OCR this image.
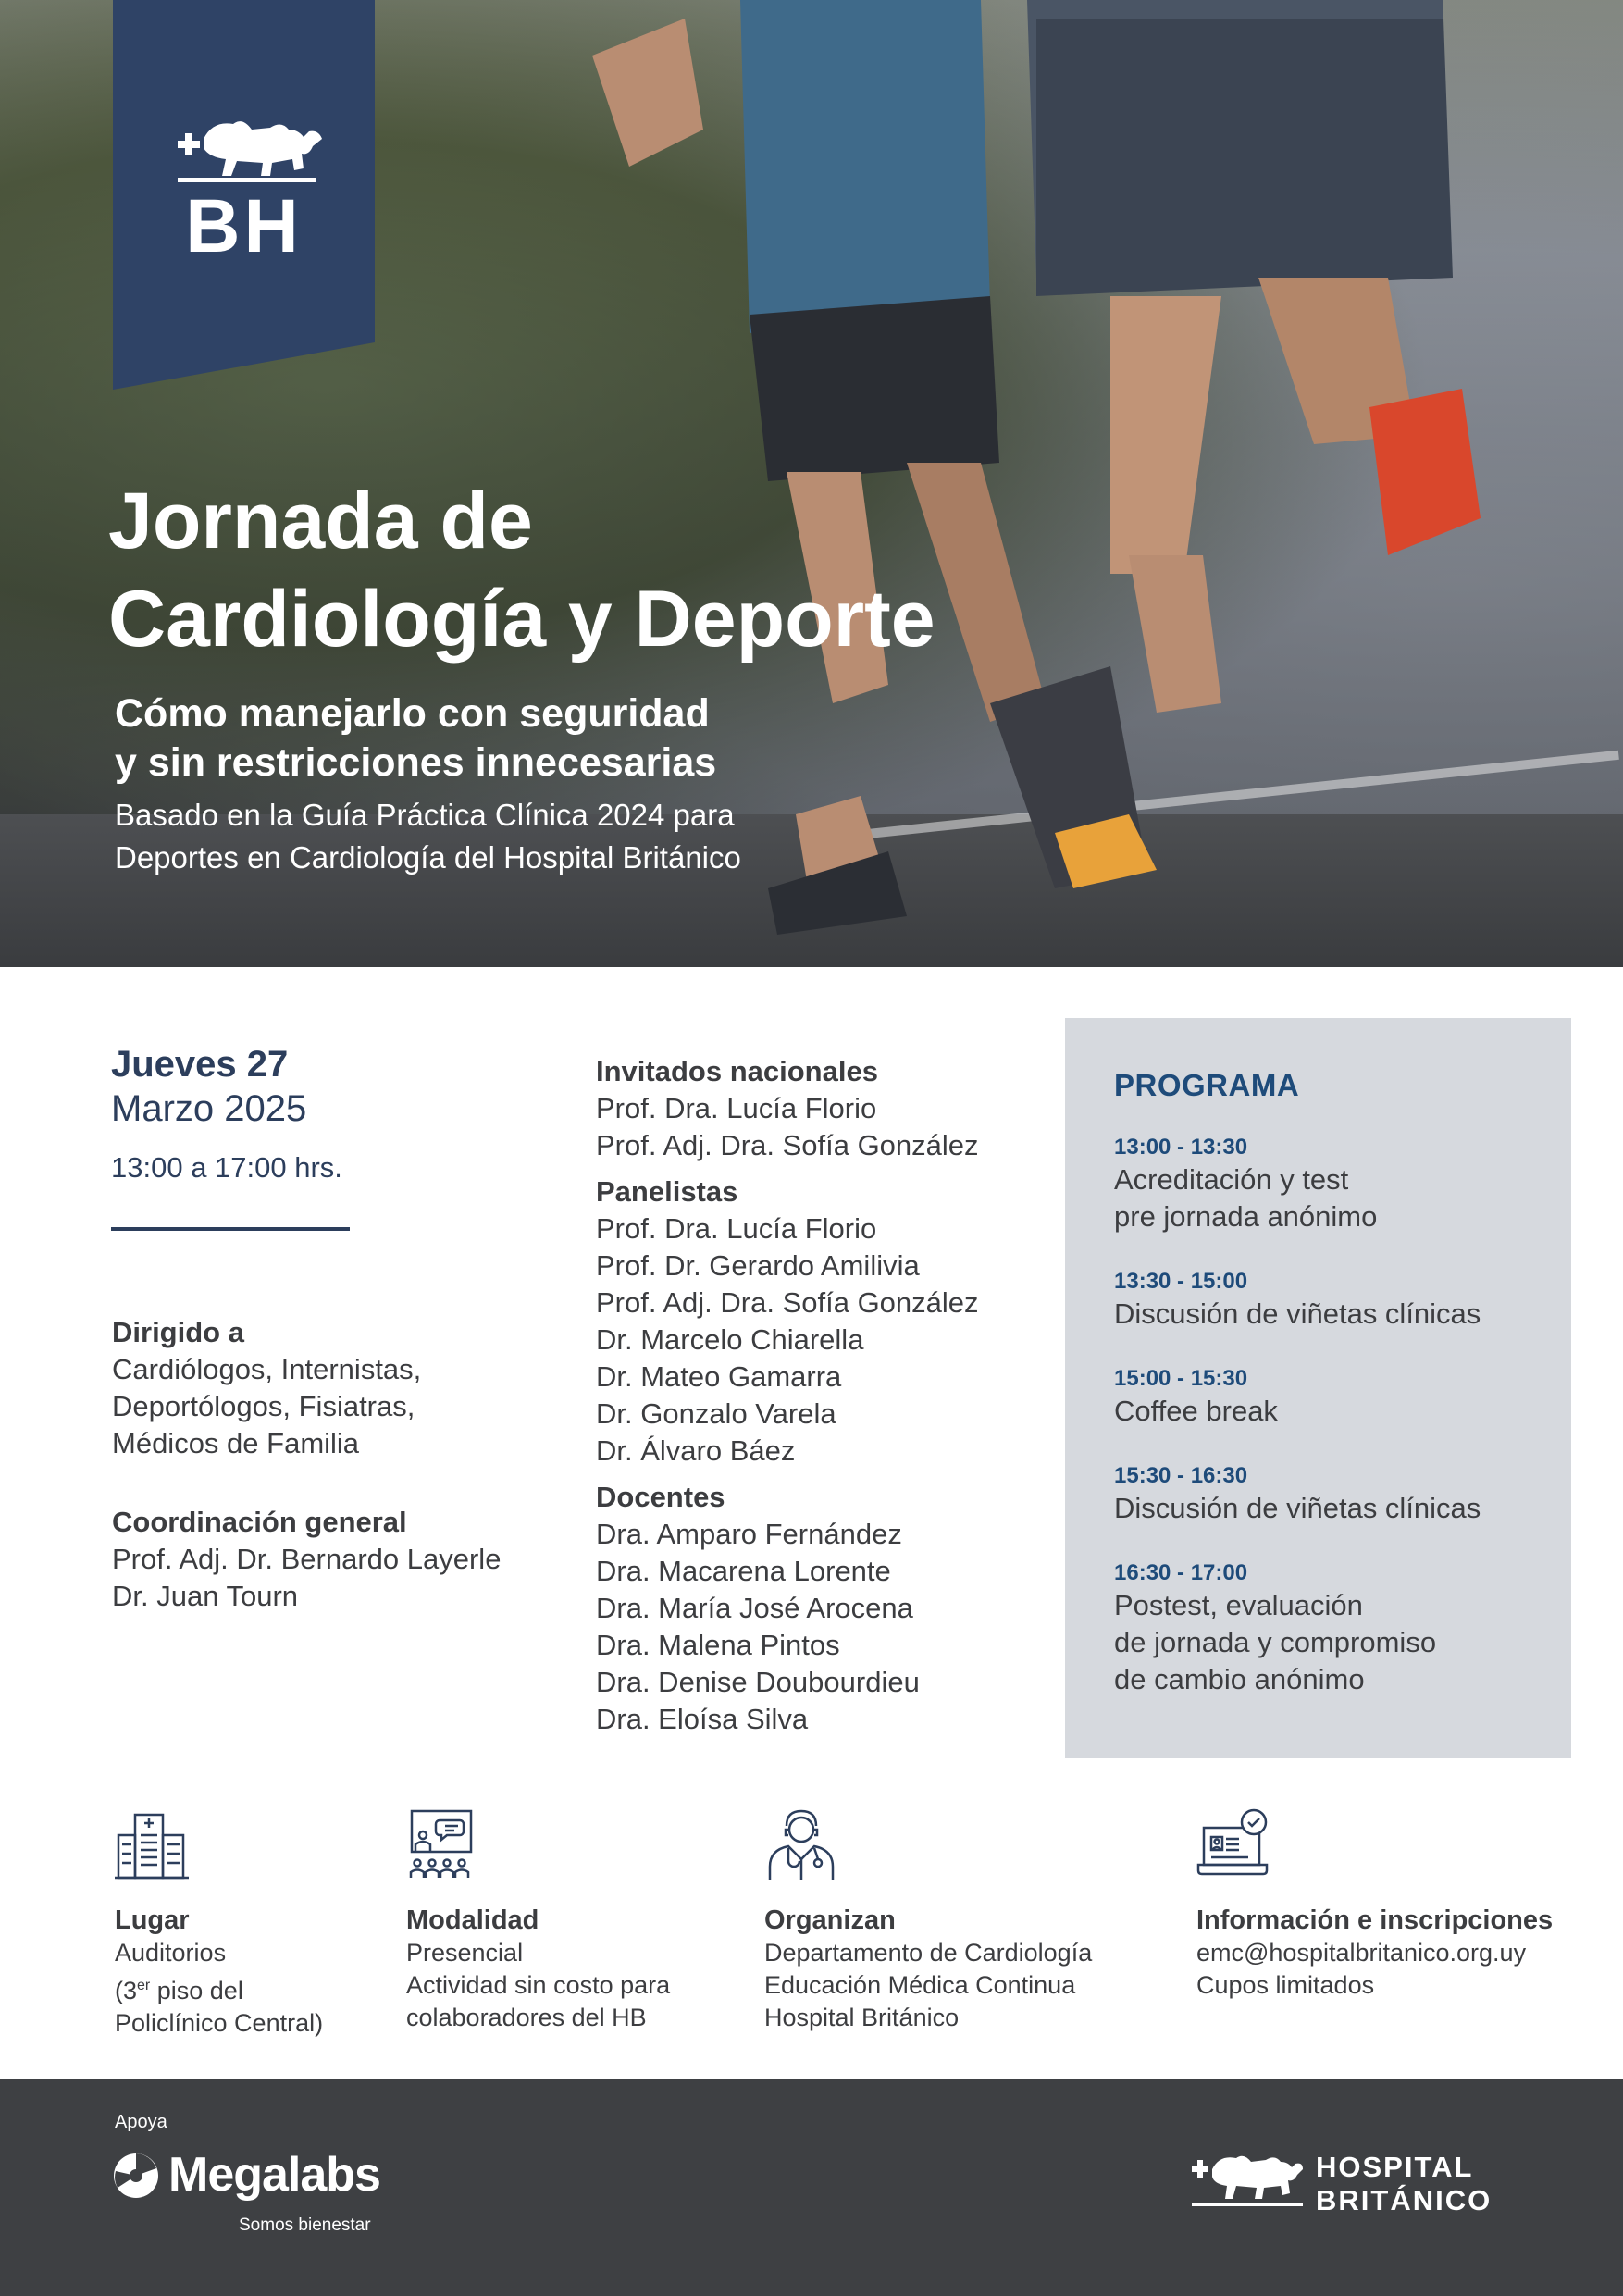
BH
Jornada de
Cardiología y Deporte
Cómo manejarlo con seguridad
y sin restricciones innecesarias
Basado en la Guía Práctica Clínica 2024 para
Deportes en Cardiología del Hospital Británico
Jueves 27
Marzo 2025
13:00 a 17:00 hrs.
Dirigido a
Cardiólogos, Internistas,
Deportólogos, Fisiatras,
Médicos de Familia
Coordinación general
Prof. Adj. Dr. Bernardo Layerle
Dr. Juan Tourn
Invitados nacionales
Prof. Dra. Lucía Florio
Prof. Adj. Dra. Sofía González
Panelistas
Prof. Dra. Lucía Florio
Prof. Dr. Gerardo Amilivia
Prof. Adj. Dra. Sofía González
Dr. Marcelo Chiarella
Dr. Mateo Gamarra
Dr. Gonzalo Varela
Dr. Álvaro Báez
Docentes
Dra. Amparo Fernández
Dra. Macarena Lorente
Dra. María José Arocena
Dra. Malena Pintos
Dra. Denise Doubourdieu
Dra. Eloísa Silva
PROGRAMA
13:00 - 13:30
Acreditación y test
pre jornada anónimo
13:30 - 15:00
Discusión de viñetas clínicas
15:00 - 15:30
Coffee break
15:30 - 16:30
Discusión de viñetas clínicas
16:30 - 17:00
Postest, evaluación
de jornada y compromiso
de cambio anónimo
Lugar
Auditorios
(3er piso del
Policlínico Central)
Modalidad
Presencial
Actividad sin costo para
colaboradores del HB
Organizan
Departamento de Cardiología
Educación Médica Continua
Hospital Británico
Información e inscripciones
emc@hospitalbritanico.org.uy
Cupos limitados
Apoya
Megalabs
Somos bienestar
HOSPITAL
BRITÁNICO
